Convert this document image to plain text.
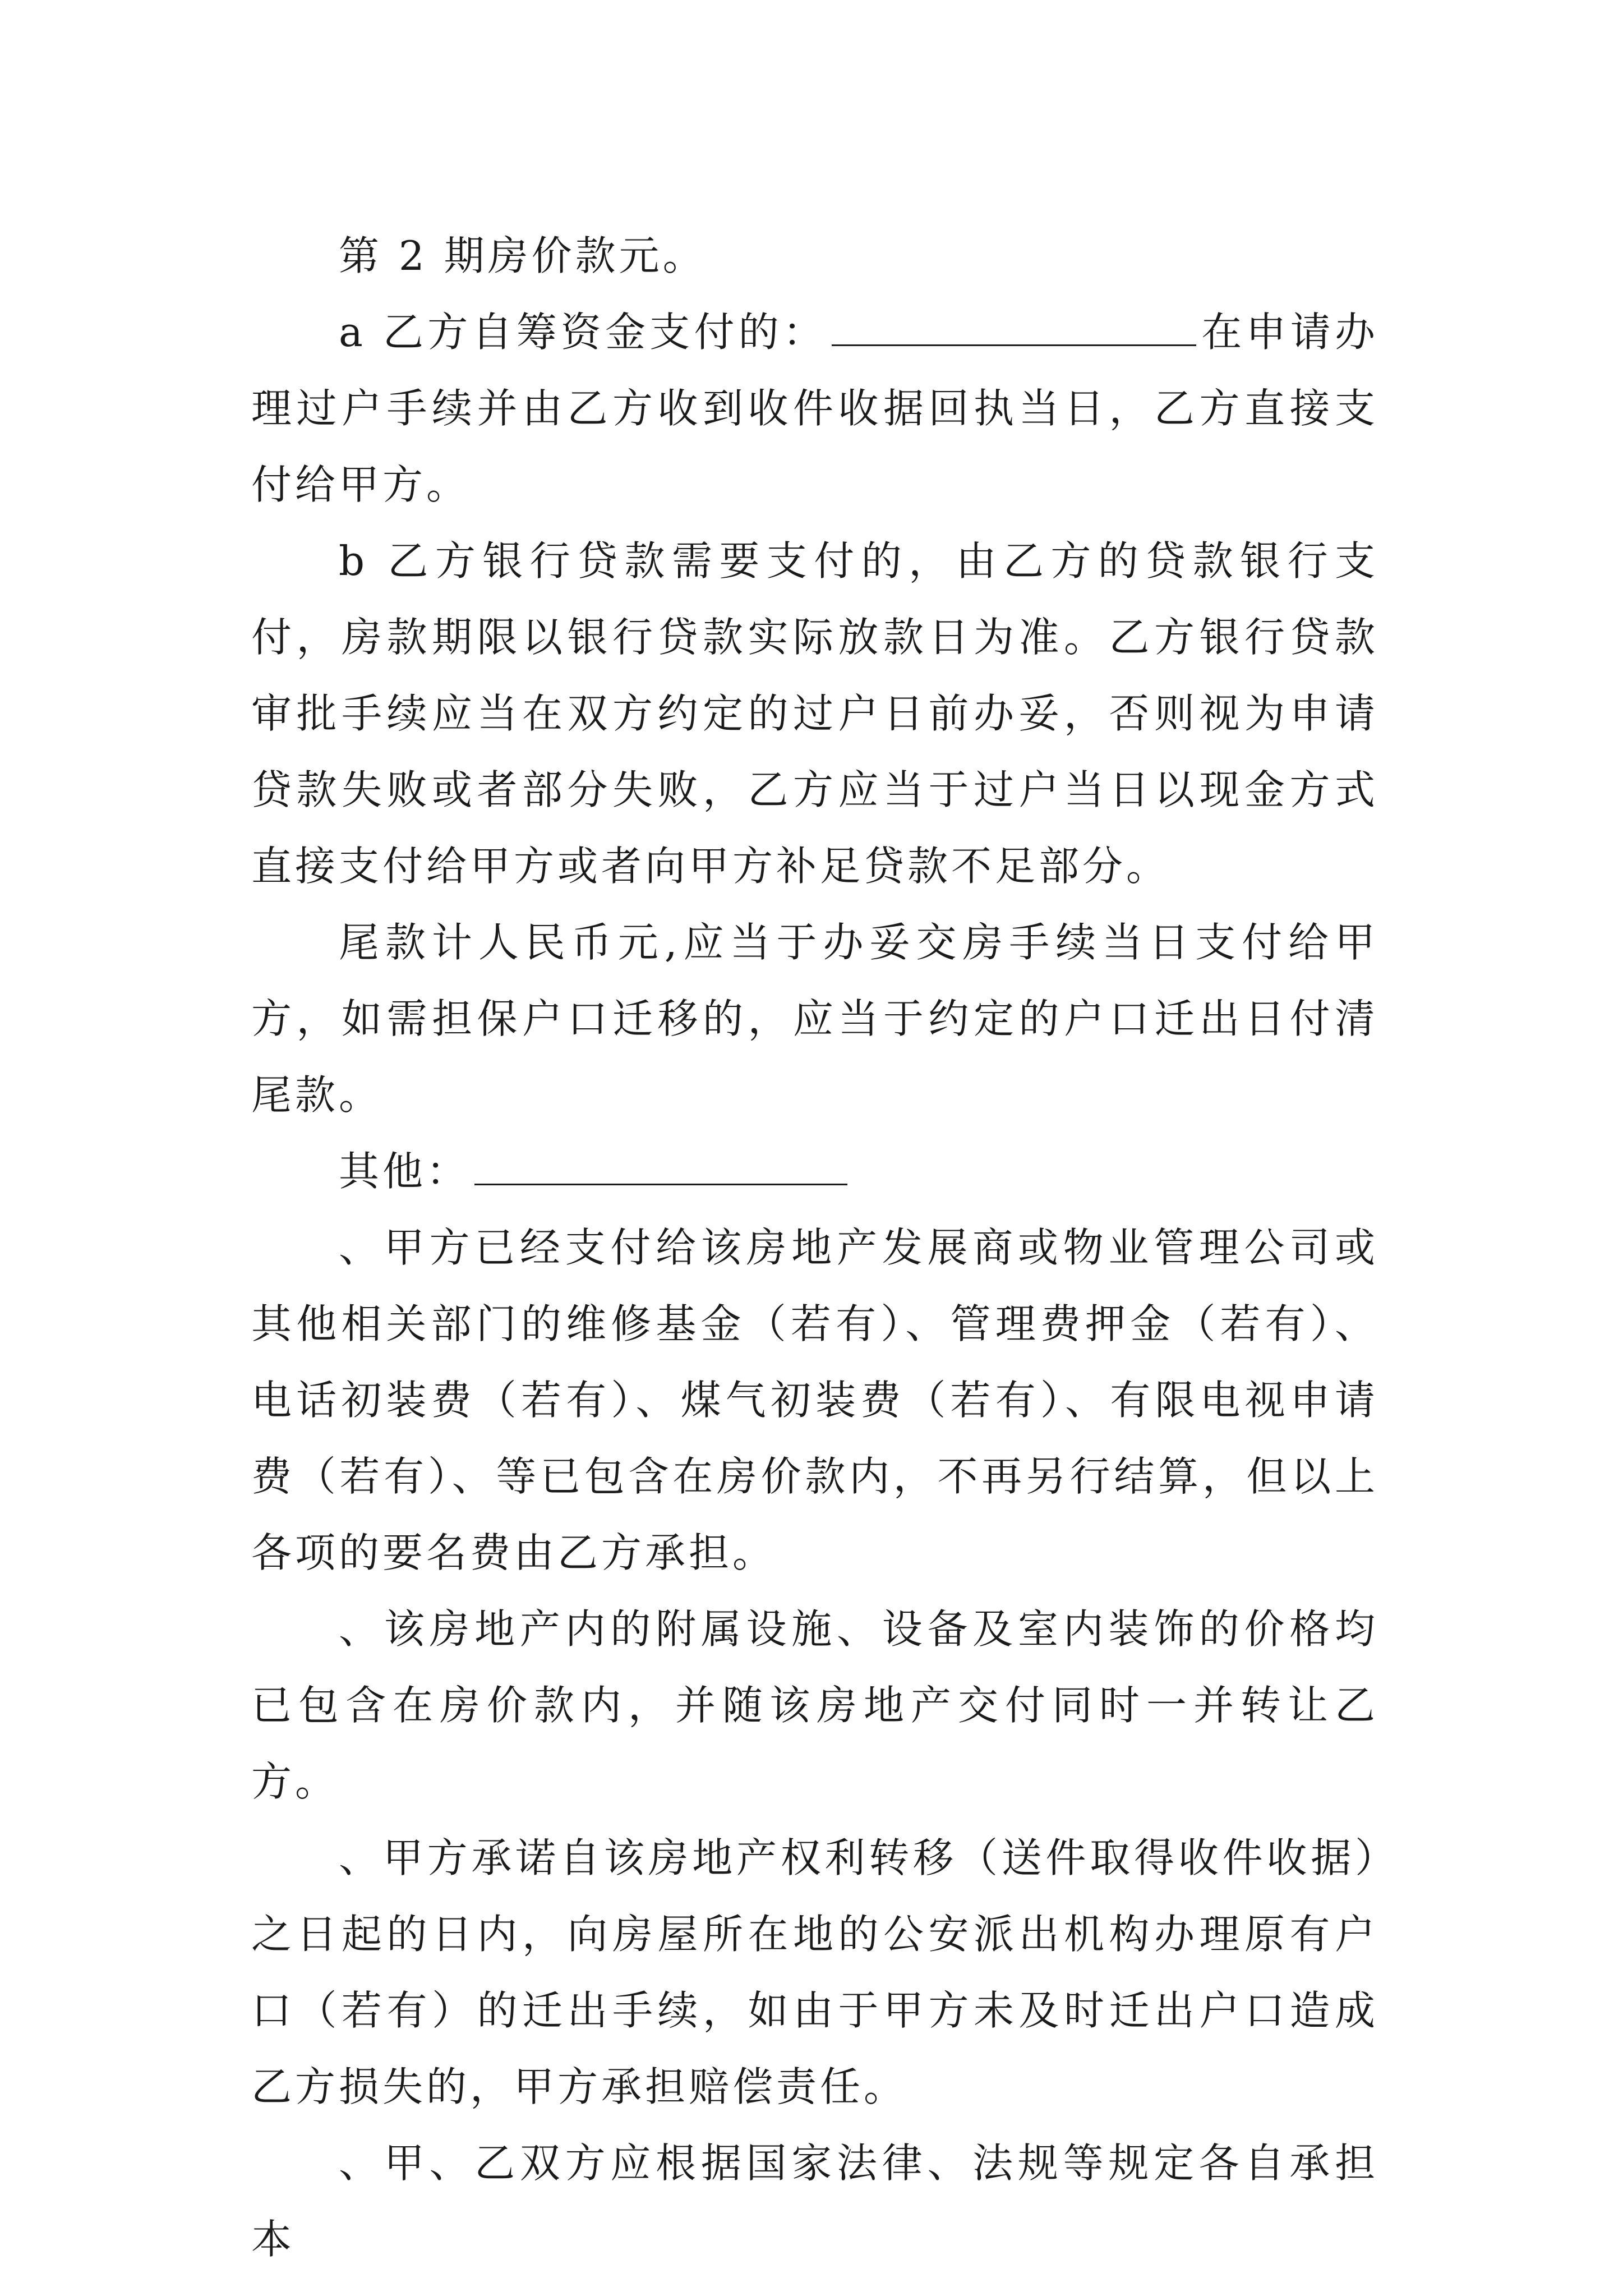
第 2 期房价款元。

a 乙方自筹资金支付的：	在申请办理过户手续并由乙方收到收件收据回执当日，乙方直接支付给甲方。

b 乙方银行贷款需要支付的，由乙方的贷款银行支付，房款期限以银行贷款实际放款日为准。乙方银行贷款审批手续应当在双方约定的过户日前办妥，否则视为申请贷款失败或者部分失败，乙方应当于过户当日以现金方式直接支付给甲方或者向甲方补足贷款不足部分。

尾款计人民币元,应当于办妥交房手续当日支付给甲方，如需担保户口迁移的，应当于约定的户口迁出日付清尾款。

其他：

、甲方已经支付给该房地产发展商或物业管理公司或其他相关部门的维修基金（若有）、管理费押金（若有）、电话初装费（若有）、煤气初装费（若有）、有限电视申请费（若有）、等已包含在房价款内，不再另行结算，但以上各项的要名费由乙方承担。

、该房地产内的附属设施、设备及室内装饰的价格均已包含在房价款内，并随该房地产交付同时一并转让乙方。

、甲方承诺自该房地产权利转移（送件取得收件收据）之日起的日内，向房屋所在地的公安派出机构办理原有户口（若有）的迁出手续，如由于甲方未及时迁出户口造成乙方损失的，甲方承担赔偿责任。

、甲、乙双方应根据国家法律、法规等规定各自承担本
